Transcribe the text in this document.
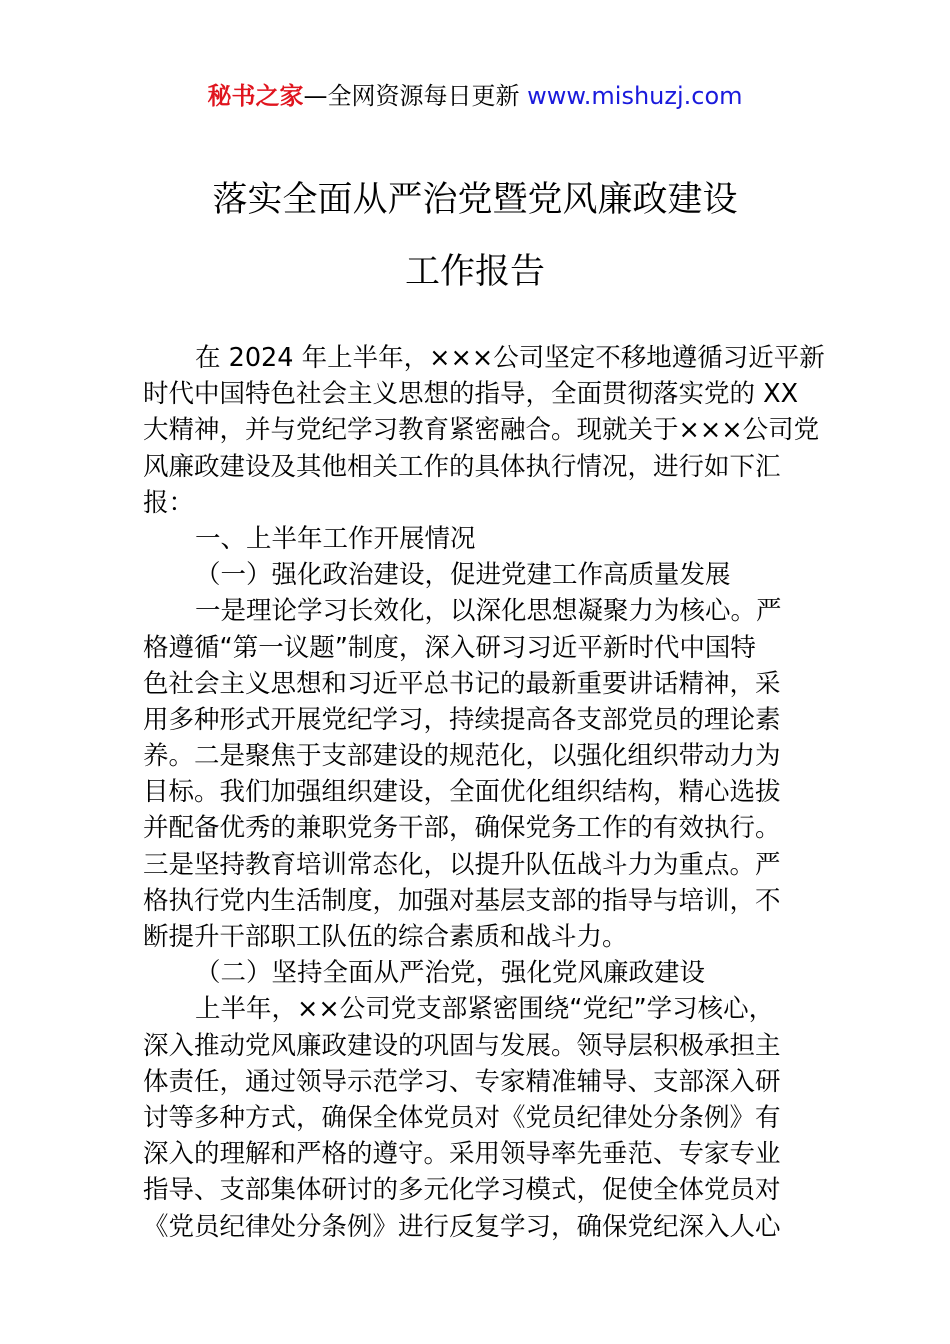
秘书之家—全网资源每日更新 www.mishuzj.com
落实全面从严治党暨党风廉政建设
工作报告
在 2024 年上半年，×××公司坚定不移地遵循习近平新
时代中国特色社会主义思想的指导，全面贯彻落实党的 XX
大精神，并与党纪学习教育紧密融合。现就关于×××公司党
风廉政建设及其他相关工作的具体执行情况，进行如下汇
报：
一、上半年工作开展情况
（一）强化政治建设，促进党建工作高质量发展
一是理论学习长效化，以深化思想凝聚力为核心。严
格遵循“第一议题”制度，深入研习习近平新时代中国特
色社会主义思想和习近平总书记的最新重要讲话精神，采
用多种形式开展党纪学习，持续提高各支部党员的理论素
养。二是聚焦于支部建设的规范化，以强化组织带动力为
目标。我们加强组织建设，全面优化组织结构，精心选拔
并配备优秀的兼职党务干部，确保党务工作的有效执行。
三是坚持教育培训常态化，以提升队伍战斗力为重点。严
格执行党内生活制度，加强对基层支部的指导与培训，不
断提升干部职工队伍的综合素质和战斗力。
（二）坚持全面从严治党，强化党风廉政建设
上半年，××公司党支部紧密围绕“党纪”学习核心，
深入推动党风廉政建设的巩固与发展。领导层积极承担主
体责任，通过领导示范学习、专家精准辅导、支部深入研
讨等多种方式，确保全体党员对《党员纪律处分条例》有
深入的理解和严格的遵守。采用领导率先垂范、专家专业
指导、支部集体研讨的多元化学习模式，促使全体党员对
《党员纪律处分条例》进行反复学习，确保党纪深入人心
